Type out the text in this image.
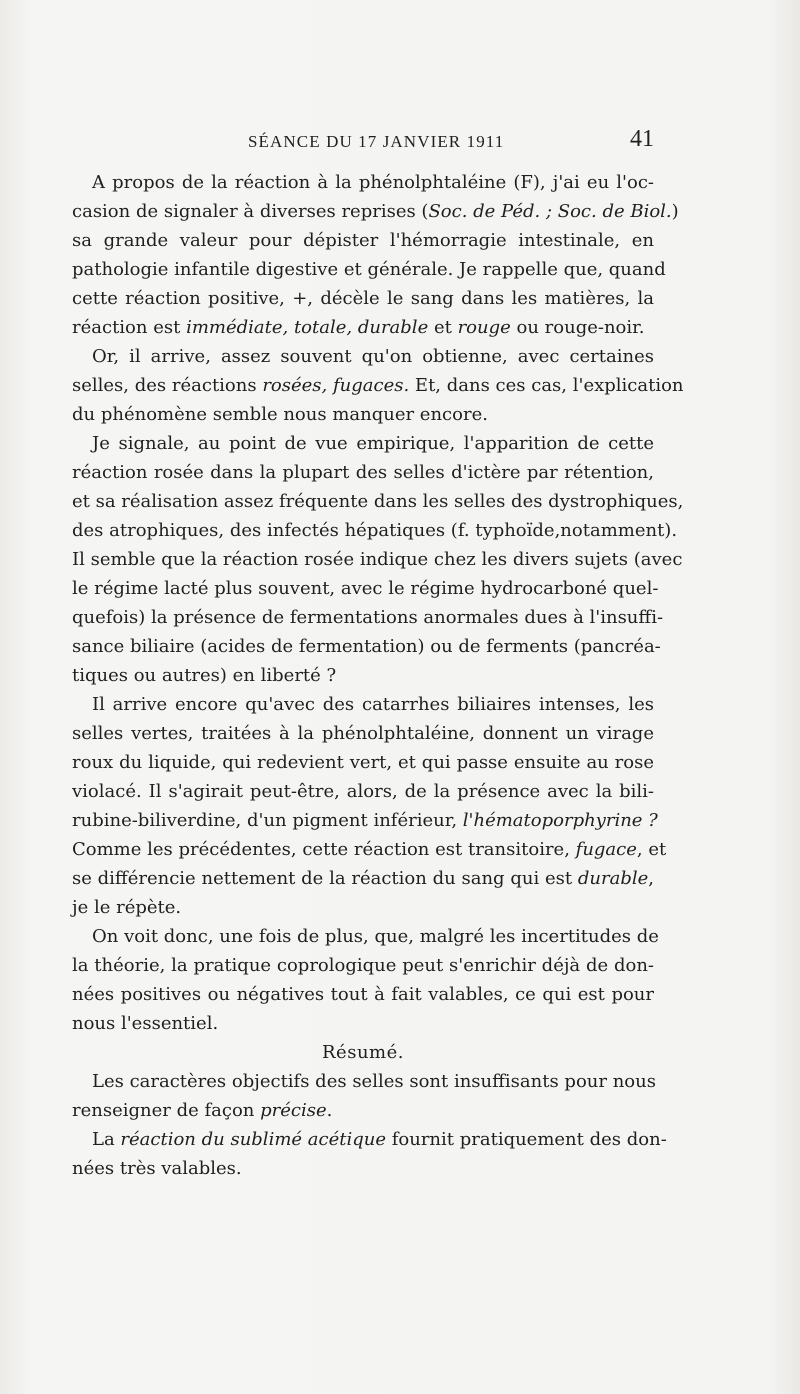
SÉANCE DU 17 JANVIER 1911	41
A propos de la réaction à la phénolphtaléine (F), j'ai eu l'oc-
casion de signaler à diverses reprises (Soc. de Péd. ; Soc. de Biol.)
sa grande valeur pour dépister l'hémorragie intestinale, en
pathologie infantile digestive et générale. Je rappelle que, quand
cette réaction positive, +, décèle le sang dans les matières, la
réaction est immédiate, totale, durable et rouge ou rouge-noir.
Or, il arrive, assez souvent qu'on obtienne, avec certaines
selles, des réactions rosées, fugaces. Et, dans ces cas, l'explication
du phénomène semble nous manquer encore.
Je signale, au point de vue empirique, l'apparition de cette
réaction rosée dans la plupart des selles d'ictère par rétention,
et sa réalisation assez fréquente dans les selles des dystrophiques,
des atrophiques, des infectés hépatiques (f. typhoïde,notamment).
Il semble que la réaction rosée indique chez les divers sujets (avec
le régime lacté plus souvent, avec le régime hydrocarboné quel-
quefois) la présence de fermentations anormales dues à l'insuffi-
sance biliaire (acides de fermentation) ou de ferments (pancréa-
tiques ou autres) en liberté ?
Il arrive encore qu'avec des catarrhes biliaires intenses, les
selles vertes, traitées à la phénolphtaléine, donnent un virage
roux du liquide, qui redevient vert, et qui passe ensuite au rose
violacé. Il s'agirait peut-être, alors, de la présence avec la bili-
rubine-biliverdine, d'un pigment inférieur, l'hématoporphyrine ?
Comme les précédentes, cette réaction est transitoire, fugace, et
se différencie nettement de la réaction du sang qui est durable,
je le répète.
On voit donc, une fois de plus, que, malgré les incertitudes de
la théorie, la pratique coprologique peut s'enrichir déjà de don-
nées positives ou négatives tout à fait valables, ce qui est pour
nous l'essentiel.
Résumé.
Les caractères objectifs des selles sont insuffisants pour nous
renseigner de façon précise.
La réaction du sublimé acétique fournit pratiquement des don-
nées très valables.
